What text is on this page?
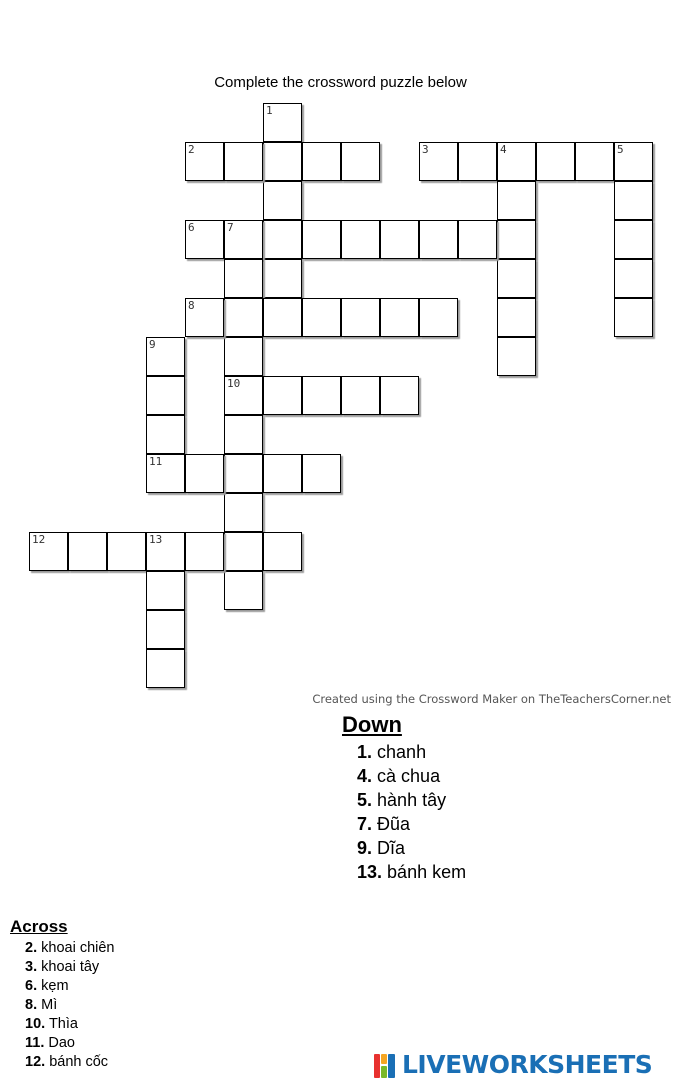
Complete the crossword puzzle below
1
2	3	4	5
6	7
10
8
9
11
12	13
Created using the Crossword Maker on TheTeachersCorner.net
Down
1. chanh
4. cà chua
5. hành tây
7. Đũa
9. Dĩa
13. bánh kem
Across
2. khoai chiên
3. khoai tây
6. kẹm
8. Mì
10. Thìa
11. Dao
12. bánh cốc	LIVEWORKSHEETS
